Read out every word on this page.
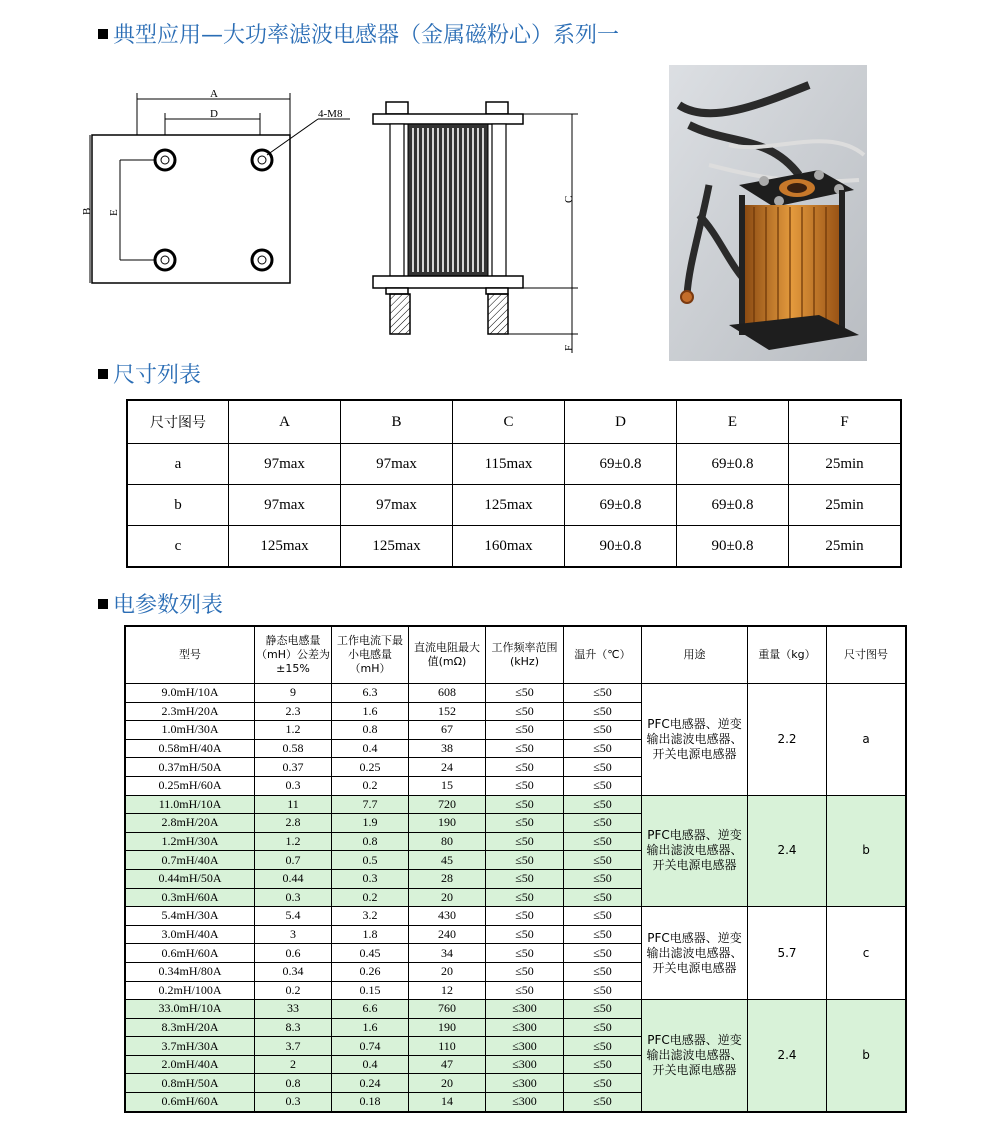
典型应用—大功率滤波电感器（金属磁粉心）系列一
A
D
B E
4-M8
C
F
尺寸列表
尺寸图号	A	B	C	D	E	F
a	97max	97max	115max	69±0.8	69±0.8	25min
b	97max	97max	125max	69±0.8	69±0.8	25min
c	125max	125max	160max	90±0.8	90±0.8	25min
电参数列表
型号	静态电感量（mH）公差为±15%	工作电流下最小电感量（mH）	直流电阻最大值(mΩ)	工作频率范围(kHz)	温升（℃）	用途	重量（kg）	尺寸图号
9.0mH/10A	9	6.3	608	≤50	≤50	PFC电感器、逆变输出滤波电感器、开关电源电感器	2.2	a
2.3mH/20A	2.3	1.6	152	≤50	≤50			
1.0mH/30A	1.2	0.8	67	≤50	≤50			
0.58mH/40A	0.58	0.4	38	≤50	≤50			
0.37mH/50A	0.37	0.25	24	≤50	≤50			
0.25mH/60A	0.3	0.2	15	≤50	≤50			
11.0mH/10A	11	7.7	720	≤50	≤50	PFC电感器、逆变输出滤波电感器、开关电源电感器	2.4	b
2.8mH/20A	2.8	1.9	190	≤50	≤50			
1.2mH/30A	1.2	0.8	80	≤50	≤50			
0.7mH/40A	0.7	0.5	45	≤50	≤50			
0.44mH/50A	0.44	0.3	28	≤50	≤50			
0.3mH/60A	0.3	0.2	20	≤50	≤50			
5.4mH/30A	5.4	3.2	430	≤50	≤50	PFC电感器、逆变输出滤波电感器、开关电源电感器	5.7	c
3.0mH/40A	3	1.8	240	≤50	≤50			
0.6mH/60A	0.6	0.45	34	≤50	≤50			
0.34mH/80A	0.34	0.26	20	≤50	≤50			
0.2mH/100A	0.2	0.15	12	≤50	≤50			
33.0mH/10A	33	6.6	760	≤300	≤50	PFC电感器、逆变输出滤波电感器、开关电源电感器	2.4	b
8.3mH/20A	8.3	1.6	190	≤300	≤50			
3.7mH/30A	3.7	0.74	110	≤300	≤50			
2.0mH/40A	2	0.4	47	≤300	≤50			
0.8mH/50A	0.8	0.24	20	≤300	≤50			
0.6mH/60A	0.3	0.18	14	≤300	≤50			
